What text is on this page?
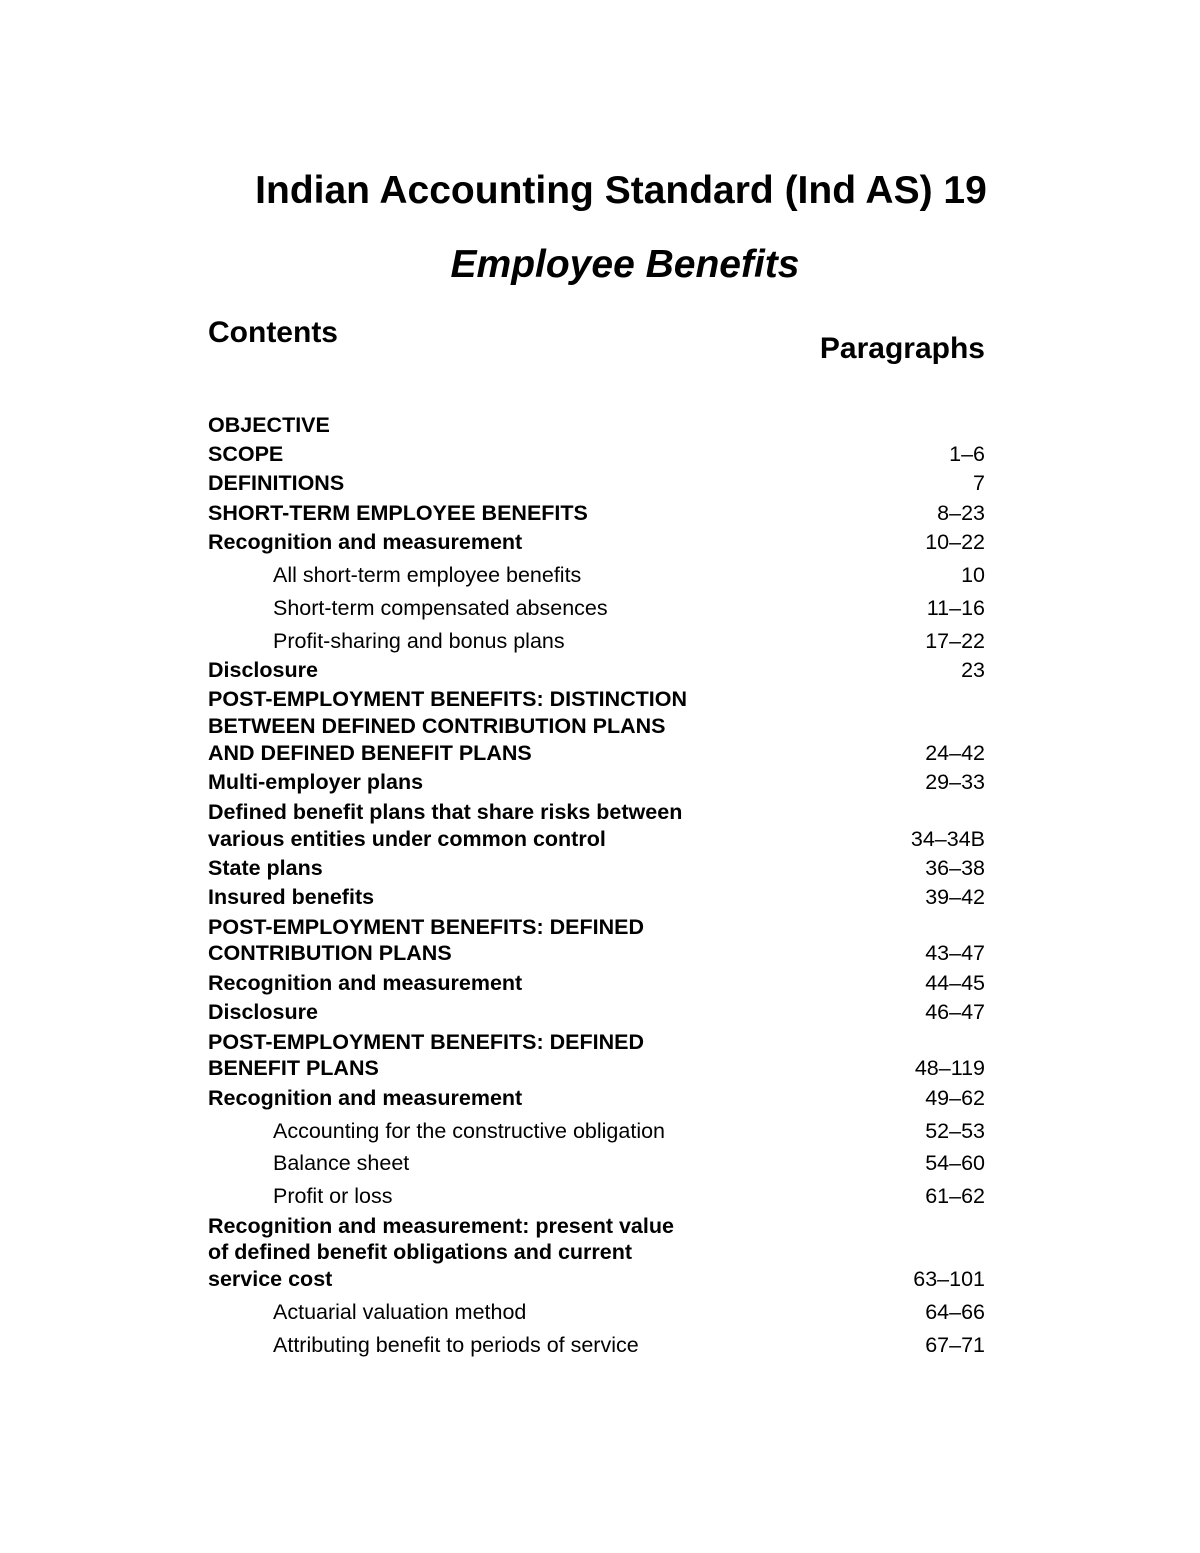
Indian Accounting Standard (Ind AS) 19
Employee Benefits
Contents	Paragraphs
OBJECTIVE
SCOPE	1–6
DEFINITIONS	7
SHORT-TERM EMPLOYEE BENEFITS	8–23
Recognition and measurement	10–22
All short-term employee benefits	10
Short-term compensated absences	11–16
Profit-sharing and bonus plans	17–22
Disclosure	23
POST-EMPLOYMENT BENEFITS: DISTINCTION
BETWEEN DEFINED CONTRIBUTION PLANS
AND DEFINED BENEFIT PLANS	24–42
Multi-employer plans	29–33
Defined benefit plans that share risks between
various entities under common control	34–34B
State plans	36–38
Insured benefits	39–42
POST-EMPLOYMENT BENEFITS: DEFINED
CONTRIBUTION PLANS	43–47
Recognition and measurement	44–45
Disclosure	46–47
POST-EMPLOYMENT BENEFITS: DEFINED
BENEFIT PLANS	48–119
Recognition and measurement	49–62
Accounting for the constructive obligation	52–53
Balance sheet	54–60
Profit or loss	61–62
Recognition and measurement: present value
of defined benefit obligations and current
service cost	63–101
Actuarial valuation method	64–66
Attributing benefit to periods of service	67–71
